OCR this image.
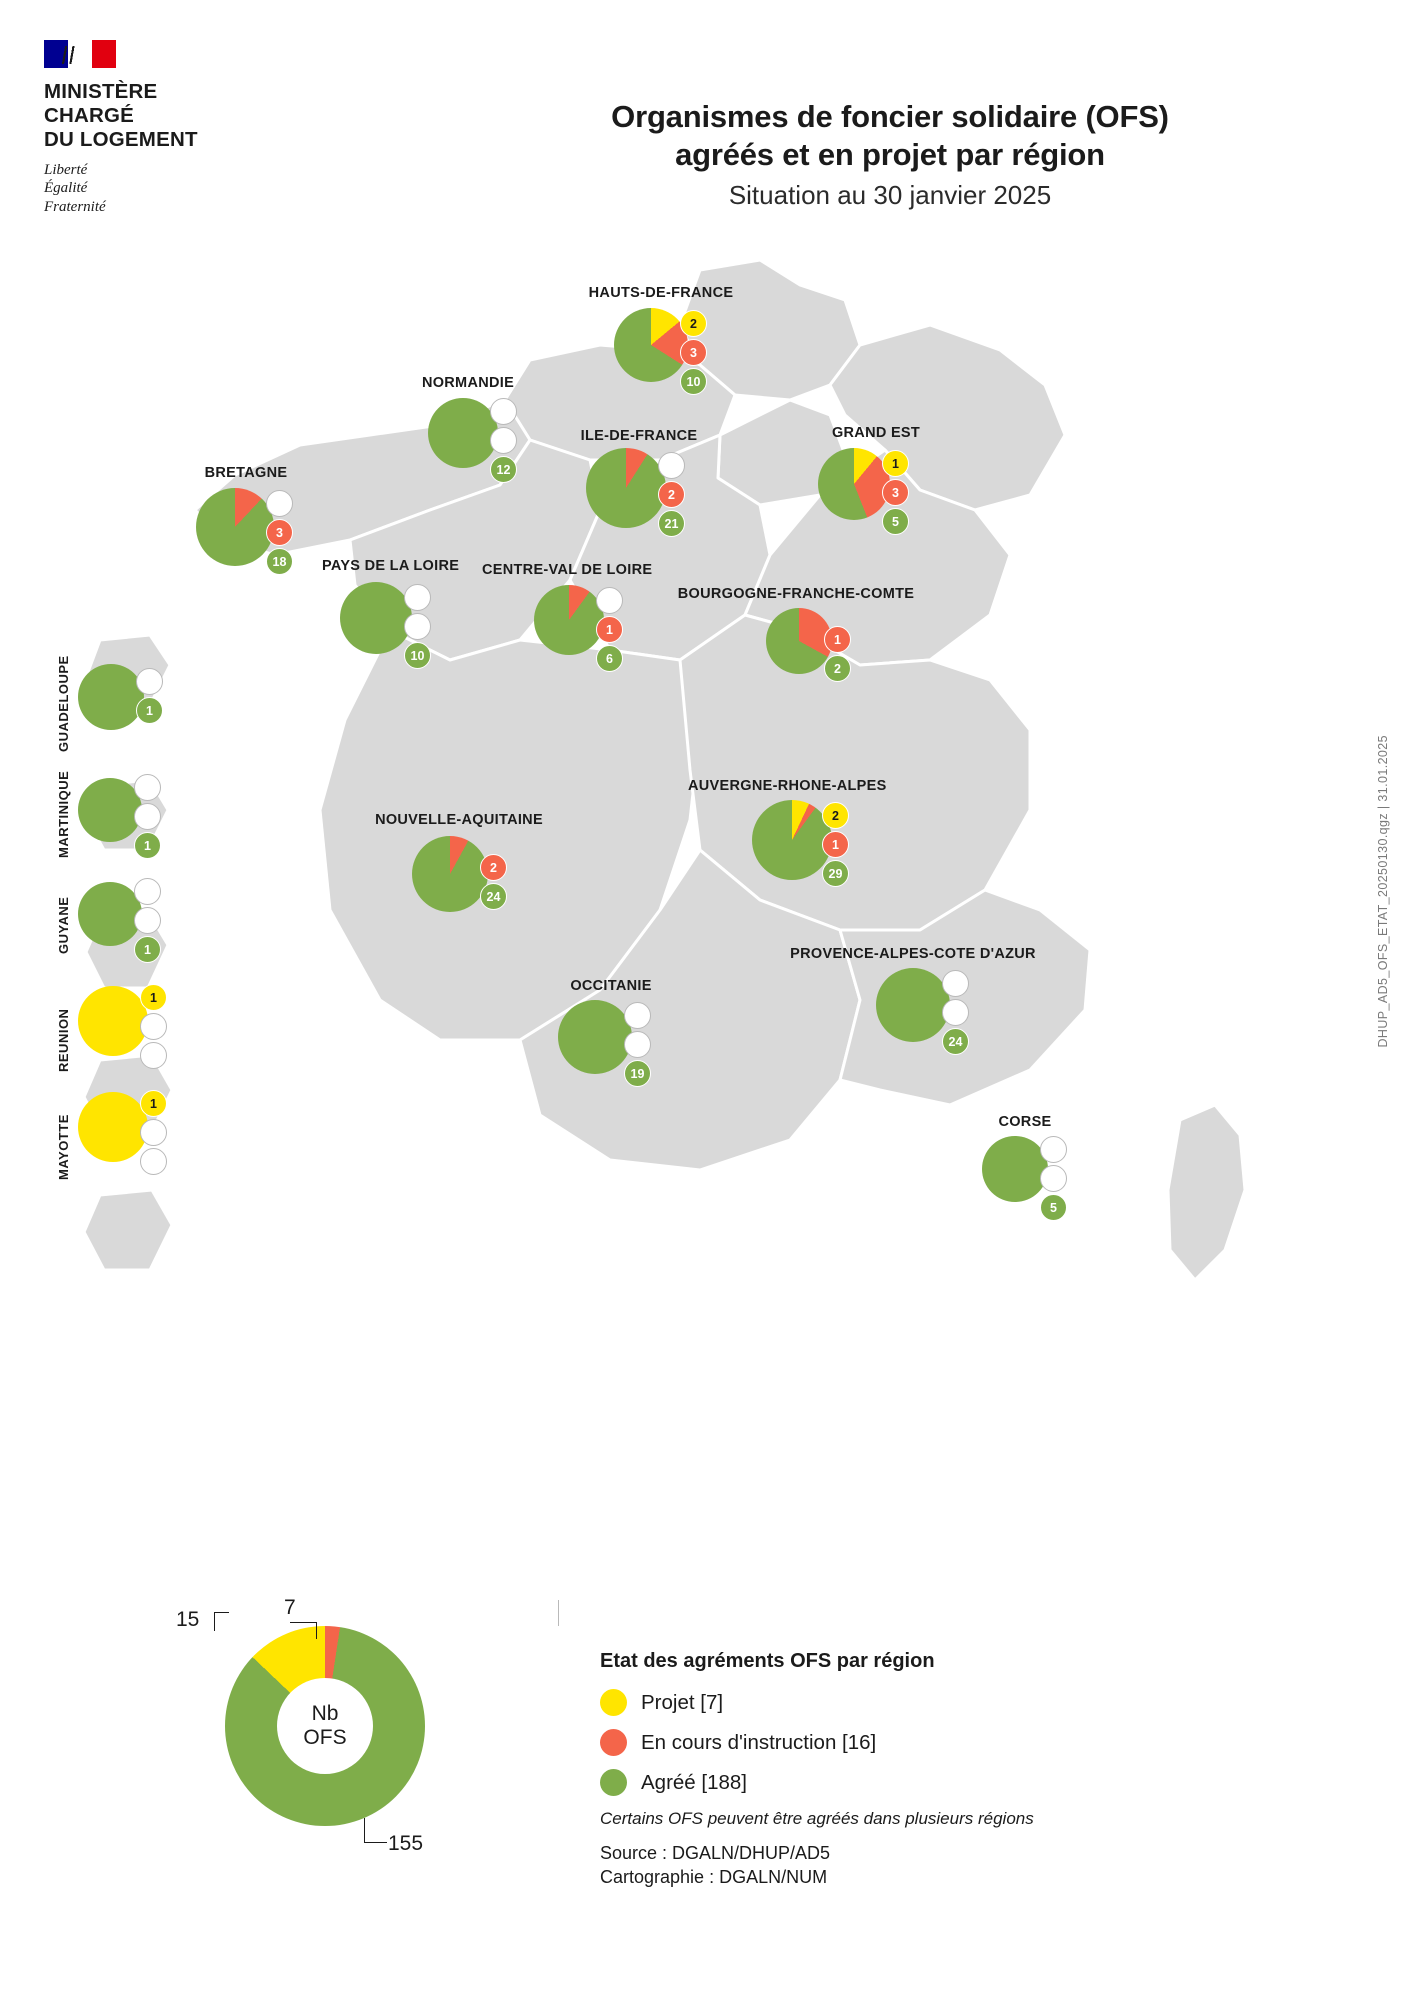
MINISTÈRE
CHARGÉ
DU LOGEMENT
Liberté
Égalité
Fraternité
Organismes de foncier solidaire (OFS)
agréés et en projet par région
Situation au 30 janvier 2025
DHUP_AD5_OFS_ETAT_20250130.qgz | 31.01.2025
HAUTS-DE-FRANCE
2
3
10
NORMANDIE
12
ILE-DE-FRANCE
2
21
GRAND EST
1
3
5
BRETAGNE
3
18	PAYS DE LA LOIRE
10
CENTRE-VAL DE LOIRE
1
6
BOURGOGNE-FRANCHE-COMTE
1
2
NOUVELLE-AQUITAINE
2
24
AUVERGNE-RHONE-ALPES
2
1
29
OCCITANIE
19
PROVENCE-ALPES-COTE D'AZUR
24
CORSE
5
GUADELOUPE	1
MARTINIQUE	1
GUYANE	1
REUNION
1
MAYOTTE
1
Nb
OFS
15
7
155
Etat des agréments OFS par région
Projet [7]
En cours d'instruction [16]
Agréé [188]
Certains OFS peuvent être agréés dans plusieurs régions
Source : DGALN/DHUP/AD5
Cartographie : DGALN/NUM
